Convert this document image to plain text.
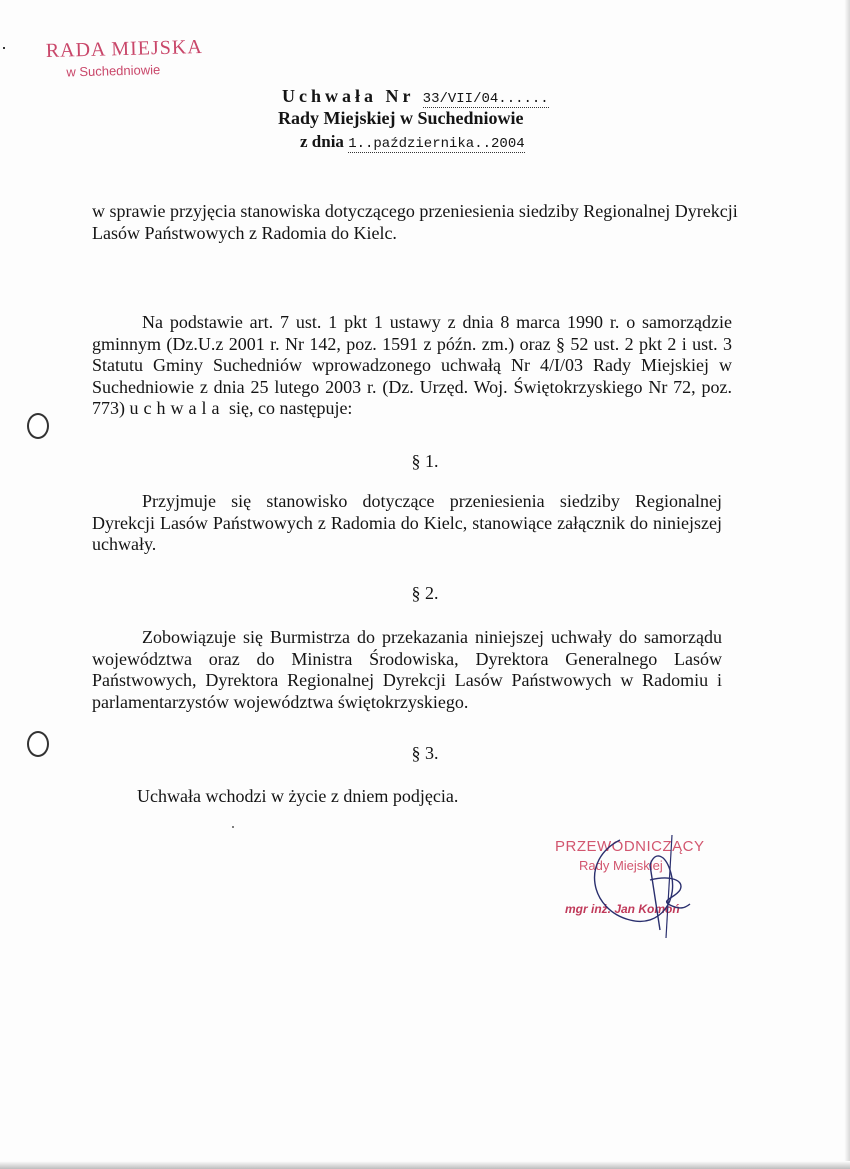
RADA MIEJSKA
w Suchedniowie
Uchwała Nr 33/VII/04......
Rady Miejskiej w Suchedniowie
z dnia 1..października..2004
w sprawie przyjęcia stanowiska dotyczącego przeniesienia siedziby Regionalnej Dyrekcji Lasów Państwowych z Radomia do Kielc.

Na podstawie art. 7 ust. 1 pkt 1 ustawy z dnia 8 marca 1990 r. o samorządzie gminnym (Dz.U.z 2001 r. Nr 142, poz. 1591 z późn. zm.) oraz § 52 ust. 2 pkt 2 i ust. 3 Statutu Gminy Suchedniów wprowadzonego uchwałą Nr 4/I/03 Rady Miejskiej w Suchedniowie z dnia 25 lutego 2003 r. (Dz. Urzęd. Woj. Świętokrzyskiego Nr 72, poz. 773) uchwala się, co następuje:

§ 1.

Przyjmuje się stanowisko dotyczące przeniesienia siedziby Regionalnej Dyrekcji Lasów Państwowych z Radomia do Kielc, stanowiące załącznik do niniejszej uchwały.

§ 2.

Zobowiązuje się Burmistrza do przekazania niniejszej uchwały do samorządu województwa oraz do Ministra Środowiska, Dyrektora Generalnego Lasów Państwowych, Dyrektora Regionalnej Dyrekcji Lasów Państwowych w Radomiu i parlamentarzystów województwa świętokrzyskiego.

§ 3.
Uchwała wchodzi w życie z dniem podjęcia.
PRZEWODNICZĄCY
Rady Miejskiej
mgr inż. Jan Komoń
